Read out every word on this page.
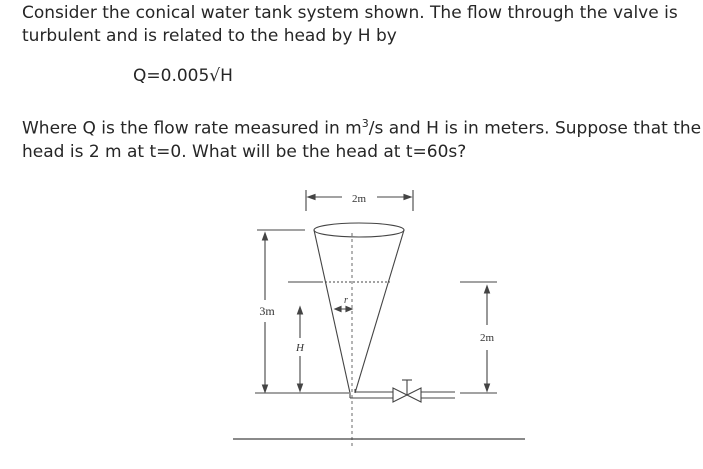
Consider the conical water tank system shown. The flow through the valve is
turbulent and is related to the head by H by
Q=0.005√H
Where Q is the flow rate measured in $m^3/s$ and H is in meters. Suppose that the
head is 2 m at t=0. What will be the head at t=60s?
2m
3m
r
H
2m
